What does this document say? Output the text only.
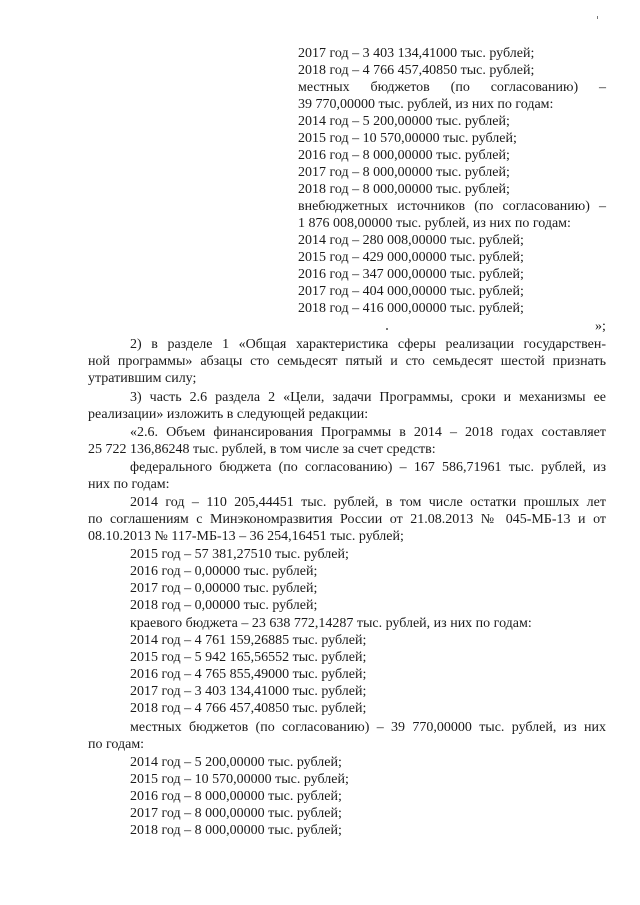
2017 год – 3 403 134,41000 тыс. рублей;
2018 год – 4 766 457,40850 тыс. рублей;
местных бюджетов (по согласованию) –
39 770,00000 тыс. рублей, из них по годам:
2014 год – 5 200,00000 тыс. рублей;
2015 год – 10 570,00000 тыс. рублей;
2016 год – 8 000,00000 тыс. рублей;
2017 год – 8 000,00000 тыс. рублей;
2018 год – 8 000,00000 тыс. рублей;
внебюджетных источников (по согласованию) –
1 876 008,00000 тыс. рублей, из них по годам:
2014 год – 280 008,00000 тыс. рублей;
2015 год – 429 000,00000 тыс. рублей;
2016 год – 347 000,00000 тыс. рублей;
2017 год – 404 000,00000 тыс. рублей;
2018 год – 416 000,00000 тыс. рублей;
»;
2) в разделе 1 «Общая характеристика сферы реализации государствен-
ной программы» абзацы сто семьдесят пятый и сто семьдесят шестой признать
утратившим силу;
3) часть 2.6 раздела 2 «Цели, задачи Программы, сроки и механизмы ее
реализации» изложить в следующей редакции:
«2.6. Объем финансирования Программы в 2014 – 2018 годах составляет
25 722 136,86248 тыс. рублей, в том числе за счет средств:
федерального бюджета (по согласованию) – 167 586,71961 тыс. рублей, из
них по годам:
2014 год – 110 205,44451 тыс. рублей, в том числе остатки прошлых лет
по соглашениям с Минэкономразвития России от 21.08.2013 № 045-МБ-13 и от
08.10.2013 № 117-МБ-13 – 36 254,16451 тыс. рублей;
2015 год – 57 381,27510 тыс. рублей;
2016 год – 0,00000 тыс. рублей;
2017 год – 0,00000 тыс. рублей;
2018 год – 0,00000 тыс. рублей;
краевого бюджета – 23 638 772,14287 тыс. рублей, из них по годам:
2014 год – 4 761 159,26885 тыс. рублей;
2015 год – 5 942 165,56552 тыс. рублей;
2016 год – 4 765 855,49000 тыс. рублей;
2017 год – 3 403 134,41000 тыс. рублей;
2018 год – 4 766 457,40850 тыс. рублей;
местных бюджетов (по согласованию) – 39 770,00000 тыс. рублей, из них
по годам:
2014 год – 5 200,00000 тыс. рублей;
2015 год – 10 570,00000 тыс. рублей;
2016 год – 8 000,00000 тыс. рублей;
2017 год – 8 000,00000 тыс. рублей;
2018 год – 8 000,00000 тыс. рублей;
